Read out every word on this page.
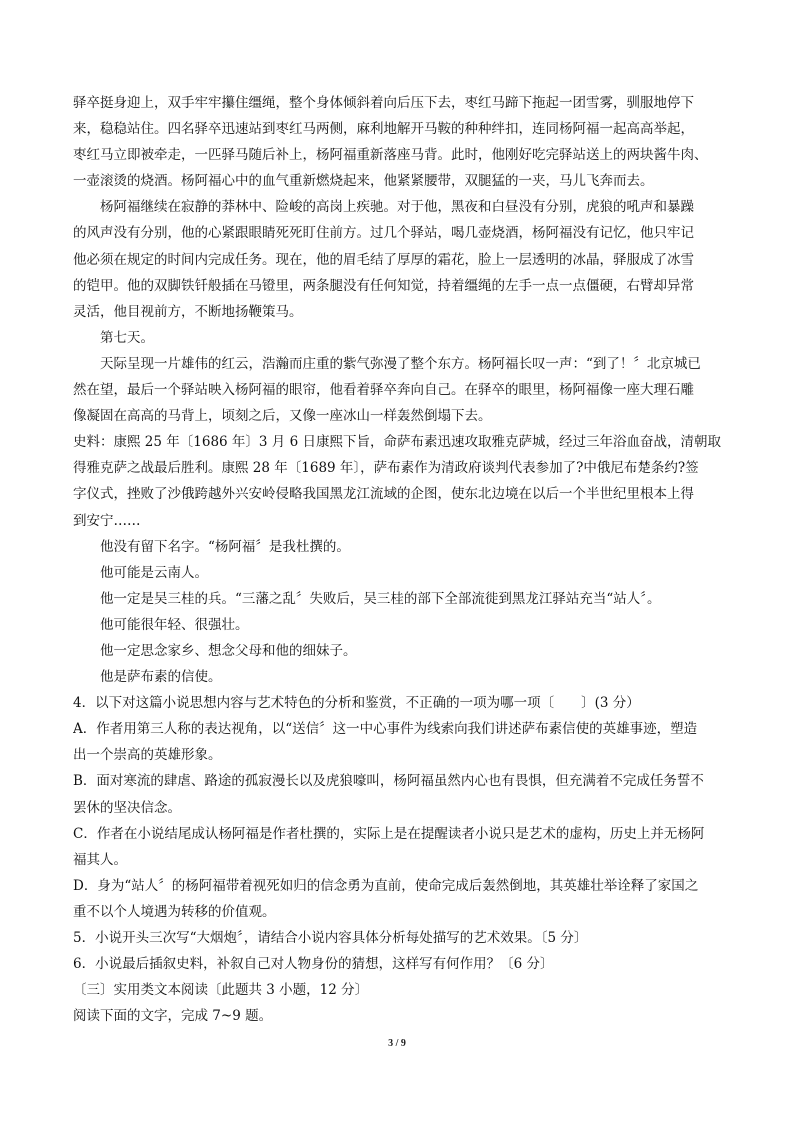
驿卒挺身迎上，双手牢牢攥住缰绳，整个身体倾斜着向后压下去，枣红马蹄下拖起一团雪雾，驯服地停下
来，稳稳站住。四名驿卒迅速站到枣红马两侧，麻利地解开马鞍的种种绊扣，连同杨阿福一起高高举起，
枣红马立即被牵走，一匹驿马随后补上，杨阿福重新落座马背。此时，他刚好吃完驿站送上的两块酱牛肉、
一壶滚烫的烧酒。杨阿福心中的血气重新燃烧起来，他紧紧腰带，双腿猛的一夹，马儿飞奔而去。
杨阿福继续在寂静的莽林中、险峻的高岗上疾驰。对于他，黑夜和白昼没有分别，虎狼的吼声和暴躁
的风声没有分别，他的心紧跟眼睛死死盯住前方。过几个驿站，喝几壶烧酒，杨阿福没有记忆，他只牢记
他必须在规定的时间内完成任务。现在，他的眉毛结了厚厚的霜花，脸上一层透明的冰晶，驿服成了冰雪
的铠甲。他的双脚铁钎般插在马镫里，两条腿没有任何知觉，持着缰绳的左手一点一点僵硬，右臂却异常
灵活，他目视前方，不断地扬鞭策马。
第七天。
天际呈现一片雄伟的红云，浩瀚而庄重的紫气弥漫了整个东方。杨阿福长叹一声：“到了！〞北京城已
然在望，最后一个驿站映入杨阿福的眼帘，他看着驿卒奔向自己。在驿卒的眼里，杨阿福像一座大理石雕
像凝固在高高的马背上，顷刻之后，又像一座冰山一样轰然倒塌下去。
史料：康熙 25 年〔1686 年〕3 月 6 日康熙下旨，命萨布素迅速攻取雅克萨城，经过三年浴血奋战，清朝取
得雅克萨之战最后胜利。康熙 28 年〔1689 年〕，萨布素作为清政府谈判代表参加了?中俄尼布楚条约?签
字仪式，挫败了沙俄跨越外兴安岭侵略我国黑龙江流域的企图，使东北边境在以后一个半世纪里根本上得
到安宁……
他没有留下名字。“杨阿福〞是我杜撰的。
他可能是云南人。
他一定是吴三桂的兵。“三藩之乱〞失败后，吴三桂的部下全部流徙到黑龙江驿站充当“站人〞。
他可能很年轻、很强壮。
他一定思念家乡、想念父母和他的细妹子。
他是萨布素的信使。
4．以下对这篇小说思想内容与艺术特色的分析和鉴赏，不正确的一项为哪一项〔　　〕(3 分）
A．作者用第三人称的表达视角，以“送信〞这一中心事件为线索向我们讲述萨布素信使的英雄事迹，塑造
出一个崇高的英雄形象。
B．面对寒流的肆虐、路途的孤寂漫长以及虎狼嚎叫，杨阿福虽然内心也有畏惧，但充满着不完成任务誓不
罢休的坚决信念。
C．作者在小说结尾成认杨阿福是作者杜撰的，实际上是在提醒读者小说只是艺术的虚构，历史上并无杨阿
福其人。
D．身为“站人〞的杨阿福带着视死如归的信念勇为直前，使命完成后轰然倒地，其英雄壮举诠释了家国之
重不以个人境遇为转移的价值观。
5．小说开头三次写“大烟炮〞，请结合小说内容具体分析每处描写的艺术效果。〔5 分〕
6．小说最后插叙史料，补叙自己对人物身份的猜想，这样写有何作用？〔6 分〕
〔三〕实用类文本阅读〔此题共 3 小题，12 分〕
阅读下面的文字，完成 7~9 题。
3 / 9
